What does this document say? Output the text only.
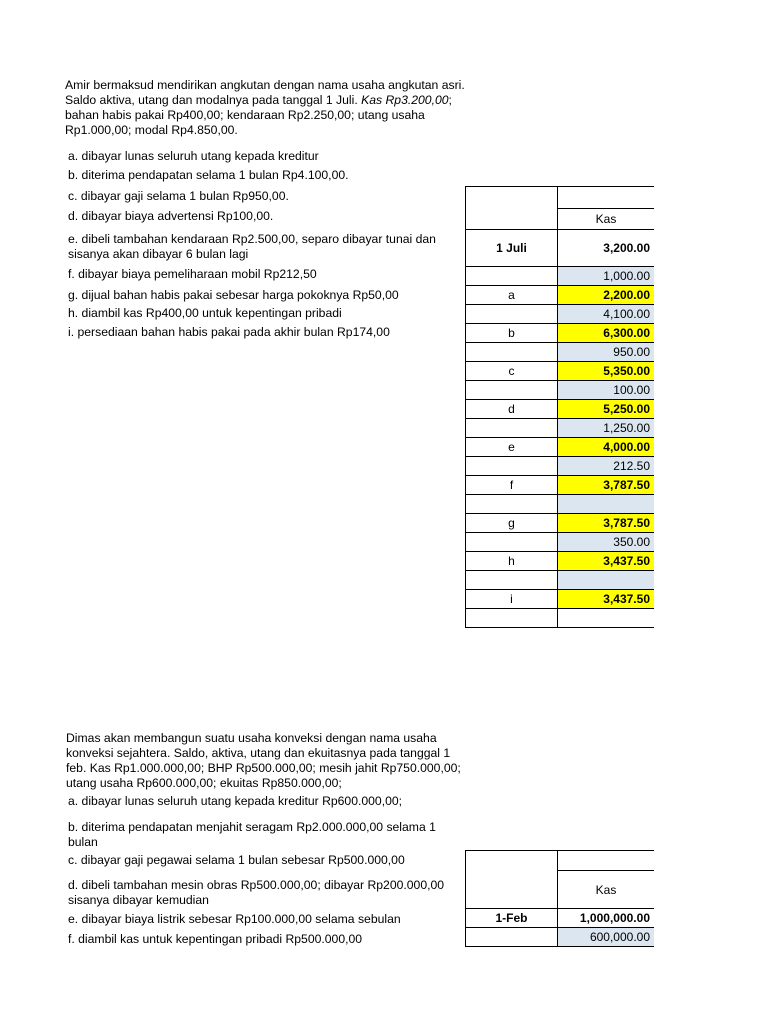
Amir bermaksud mendirikan angkutan dengan nama usaha angkutan asri. Saldo aktiva, utang dan modalnya pada tanggal 1 Juli. Kas Rp3.200,00; bahan habis pakai Rp400,00; kendaraan Rp2.250,00; utang usaha Rp1.000,00; modal Rp4.850,00.
a. dibayar lunas seluruh utang kepada kreditur
b. diterima pendapatan selama 1 bulan Rp4.100,00.
c. dibayar gaji selama 1 bulan Rp950,00.
d. dibayar biaya advertensi Rp100,00.
e. dibeli tambahan kendaraan Rp2.500,00, separo dibayar tunai dan sisanya akan dibayar 6 bulan lagi
f. dibayar biaya pemeliharaan mobil Rp212,50
g. dijual bahan habis pakai sebesar harga pokoknya Rp50,00
h. diambil kas Rp400,00 untuk kepentingan pribadi
i. persediaan bahan habis pakai pada akhir bulan Rp174,00

	Kas
1 Juli	3,200.00
	1,000.00
a	2,200.00
	4,100.00
b	6,300.00
	950.00
c	5,350.00
	100.00
d	5,250.00
	1,250.00
e	4,000.00
	212.50
f	3,787.50

g	3,787.50
	350.00
h	3,437.50

i	3,437.50

Dimas akan membangun suatu usaha konveksi dengan nama usaha konveksi sejahtera. Saldo, aktiva, utang dan ekuitasnya pada tanggal 1 feb. Kas Rp1.000.000,00; BHP Rp500.000,00; mesih jahit Rp750.000,00; utang usaha Rp600.000,00; ekuitas Rp850.000,00;
a. dibayar lunas seluruh utang kepada kreditur Rp600.000,00;
b. diterima pendapatan menjahit seragam Rp2.000.000,00 selama 1 bulan
c. dibayar gaji pegawai selama 1 bulan sebesar Rp500.000,00
d. dibeli tambahan mesin obras Rp500.000,00; dibayar Rp200.000,00 sisanya dibayar kemudian
e. dibayar biaya listrik sebesar Rp100.000,00 selama sebulan
f. diambil kas untuk kepentingan pribadi Rp500.000,00

	Kas
1-Feb	1,000,000.00
	600,000.00
